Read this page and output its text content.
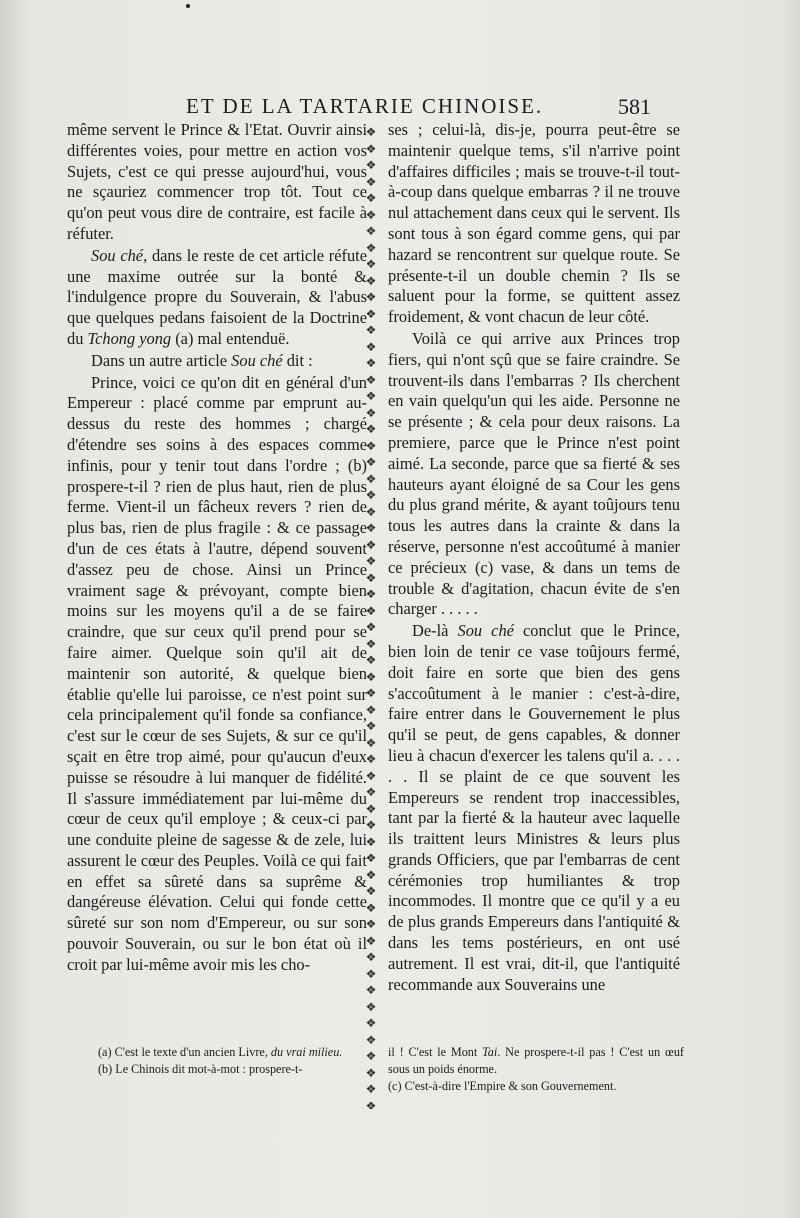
ET DE LA TARTARIE CHINOISE.	581

même servent le Prince & l'Etat. Ouvrir ainsi différentes voies, pour mettre en action vos Sujets, c'est ce qui presse aujourd'hui, vous ne sçauriez commencer trop tôt. Tout ce qu'on peut vous dire de contraire, est facile à réfuter.

Sou ché, dans le reste de cet article réfute une maxime outrée sur la bonté & l'indulgence propre du Souverain, & l'abus que quelques pedans faisoient de la Doctrine du Tchong yong (a) mal entenduë.

Dans un autre article Sou ché dit :

Prince, voici ce qu'on dit en général d'un Empereur : placé comme par emprunt au-dessus du reste des hommes ; chargé d'étendre ses soins à des espaces comme infinis, pour y tenir tout dans l'ordre ; (b) prospere-t-il ? rien de plus haut, rien de plus ferme. Vient-il un fâcheux revers ? rien de plus bas, rien de plus fragile : & ce passage d'un de ces états à l'autre, dépend souvent d'assez peu de chose. Ainsi un Prince vraiment sage & prévoyant, compte bien moins sur les moyens qu'il a de se faire craindre, que sur ceux qu'il prend pour se faire aimer. Quelque soin qu'il ait de maintenir son autorité, & quelque bien établie qu'elle lui paroisse, ce n'est point sur cela principalement qu'il fonde sa confiance, c'est sur le cœur de ses Sujets, & sur ce qu'il sçait en être trop aimé, pour qu'aucun d'eux puisse se résoudre à lui manquer de fidélité. Il s'assure immédiatement par lui-même du cœur de ceux qu'il employe ; & ceux-ci par une conduite pleine de sagesse & de zele, lui assurent le cœur des Peuples. Voilà ce qui fait en effet sa sûreté dans sa suprême & dangéreuse élévation. Celui qui fonde cette sûreté sur son nom d'Empereur, ou sur son pouvoir Souverain, ou sur le bon état où il croit par lui-même avoir mis les cho-

❖
❖
❖
❖
❖
❖
❖
❖
❖
❖
❖
❖
❖
❖
❖
❖
❖
❖
❖
❖
❖
❖
❖
❖
❖
❖
❖
❖
❖
❖
❖
❖
❖
❖
❖
❖
❖
❖
❖
❖
❖
❖
❖
❖
❖
❖
❖
❖
❖
❖
❖
❖
❖
❖
❖
❖
❖
❖
❖
❖

ses ; celui-là, dis-je, pourra peut-être se maintenir quelque tems, s'il n'arrive point d'affaires difficiles ; mais se trouve-t-il tout-à-coup dans quelque embarras ? il ne trouve nul attachement dans ceux qui le servent. Ils sont tous à son égard comme gens, qui par hazard se rencontrent sur quelque route. Se présente-t-il un double chemin ? Ils se saluent pour la forme, se quittent assez froidement, & vont chacun de leur côté.

Voilà ce qui arrive aux Princes trop fiers, qui n'ont sçû que se faire craindre. Se trouvent-ils dans l'embarras ? Ils cherchent en vain quelqu'un qui les aide. Personne ne se présente ; & cela pour deux raisons. La premiere, parce que le Prince n'est point aimé. La seconde, parce que sa fierté & ses hauteurs ayant éloigné de sa Cour les gens du plus grand mérite, & ayant toûjours tenu tous les autres dans la crainte & dans la réserve, personne n'est accoûtumé à manier ce précieux (c) vase, & dans un tems de trouble & d'agitation, chacun évite de s'en charger . . . . .

De-là Sou ché conclut que le Prince, bien loin de tenir ce vase toûjours fermé, doit faire en sorte que bien des gens s'accoûtument à le manier : c'est-à-dire, faire entrer dans le Gouvernement le plus qu'il se peut, de gens capables, & donner lieu à chacun d'exercer les talens qu'il a. . . . . . Il se plaint de ce que souvent les Empereurs se rendent trop inaccessibles, tant par la fierté & la hauteur avec laquelle ils traittent leurs Ministres & leurs plus grands Officiers, que par l'embarras de cent cérémonies trop humiliantes & trop incommodes. Il montre que ce qu'il y a eu de plus grands Empereurs dans l'antiquité & dans les tems postérieurs, en ont usé autrement. Il est vrai, dit-il, que l'antiquité recommande aux Souverains une

(a) C'est le texte d'un ancien Livre, du vrai milieu.

(b) Le Chinois dit mot-à-mot : prospere-t-

il ! C'est le Mont Tai. Ne prospere-t-il pas ! C'est un œuf sous un poids énorme.

(c) C'est-à-dire l'Empire & son Gouvernement.
